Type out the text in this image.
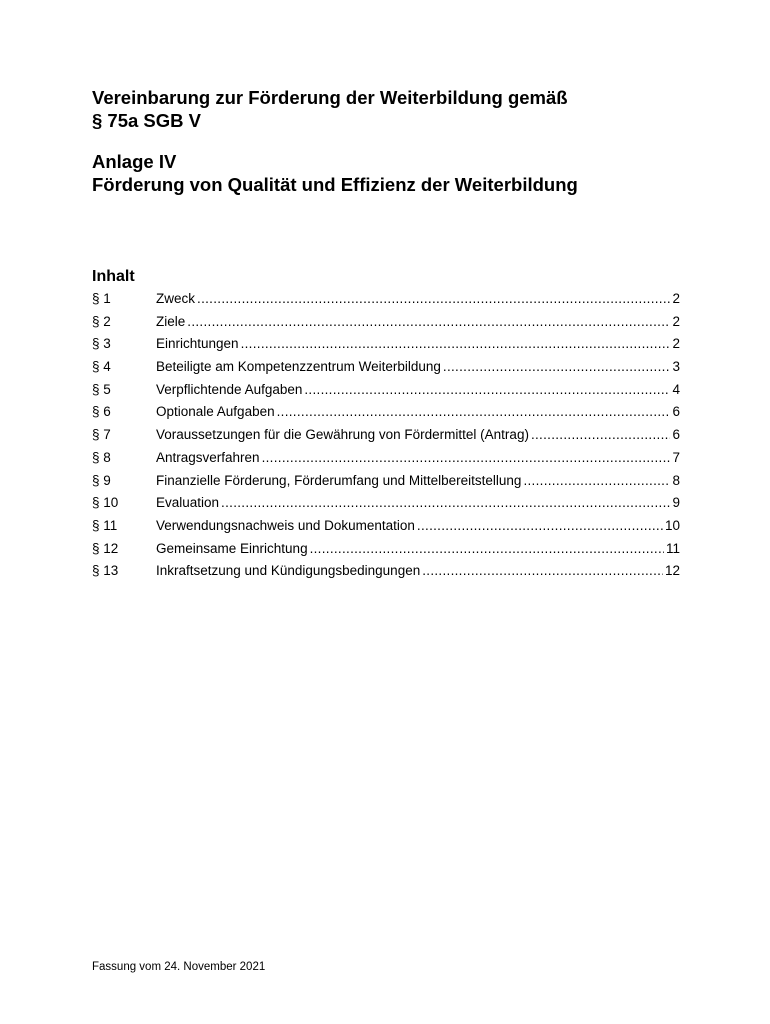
Vereinbarung zur Förderung der Weiterbildung gemäß
§ 75a SGB V
Anlage IV
Förderung von Qualität und Effizienz der Weiterbildung
Inhalt
§ 1	Zweck .....	2
§ 2	Ziele .....	2
§ 3	Einrichtungen .....	2
§ 4	Beteiligte am Kompetenzzentrum Weiterbildung .....	3
§ 5	Verpflichtende Aufgaben .....	4
§ 6	Optionale Aufgaben .....	6
§ 7	Voraussetzungen für die Gewährung von Fördermittel (Antrag) .....	6
§ 8	Antragsverfahren .....	7
§ 9	Finanzielle Förderung, Förderumfang und Mittelbereitstellung .....	8
§ 10	Evaluation .....	9
§ 11	Verwendungsnachweis und Dokumentation .....	10
§ 12	Gemeinsame Einrichtung .....	11
§ 13	Inkraftsetzung und Kündigungsbedingungen .....	12
Fassung vom 24. November 2021
